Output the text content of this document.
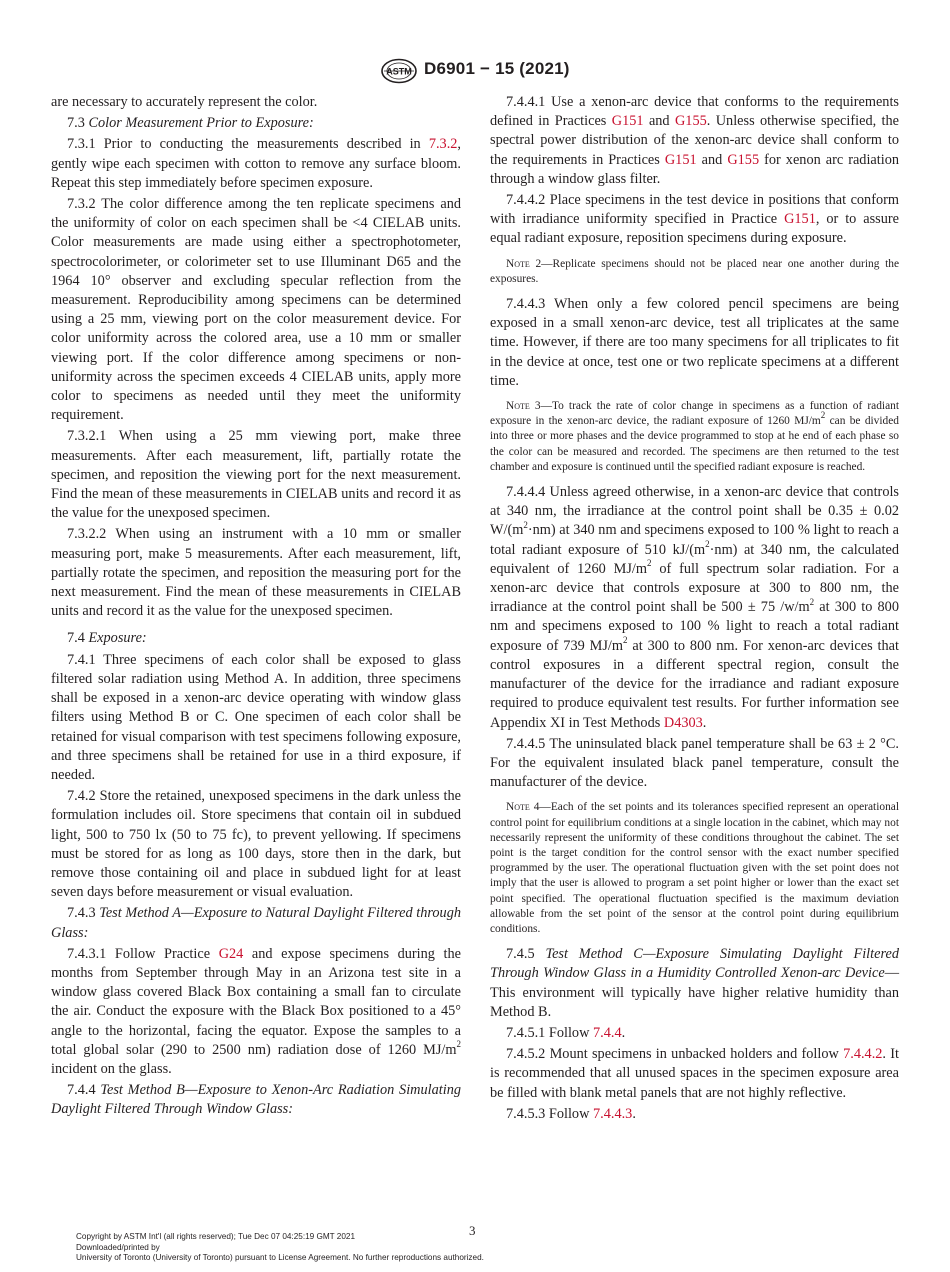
ASTM D6901 − 15 (2021)

are necessary to accurately represent the color.

7.3 Color Measurement Prior to Exposure:

7.3.1 Prior to conducting the measurements described in 7.3.2, gently wipe each specimen with cotton to remove any surface bloom. Repeat this step immediately before specimen exposure.

7.3.2 The color difference among the ten replicate specimens and the uniformity of color on each specimen shall be <4 CIELAB units. Color measurements are made using either a spectrophotometer, spectrocolorimeter, or colorimeter set to use Illuminant D65 and the 1964 10° observer and excluding specular reflection from the measurement. Reproducibility among specimens can be determined using a 25 mm, viewing port on the color measurement device. For color uniformity across the colored area, use a 10 mm or smaller viewing port. If the color difference among specimens or non-uniformity across the specimen exceeds 4 CIELAB units, apply more color to specimens as needed until they meet the uniformity requirement.

7.3.2.1 When using a 25 mm viewing port, make three measurements. After each measurement, lift, partially rotate the specimen, and reposition the viewing port for the next measurement. Find the mean of these measurements in CIELAB units and record it as the value for the unexposed specimen.

7.3.2.2 When using an instrument with a 10 mm or smaller measuring port, make 5 measurements. After each measurement, lift, partially rotate the specimen, and reposition the measuring port for the next measurement. Find the mean of these measurements in CIELAB units and record it as the value for the unexposed specimen.

7.4 Exposure:

7.4.1 Three specimens of each color shall be exposed to glass filtered solar radiation using Method A. In addition, three specimens shall be exposed in a xenon-arc device operating with window glass filters using Method B or C. One specimen of each color shall be retained for visual comparison with test specimens following exposure, and three specimens shall be retained for use in a third exposure, if needed.

7.4.2 Store the retained, unexposed specimens in the dark unless the formulation includes oil. Store specimens that contain oil in subdued light, 500 to 750 lx (50 to 75 fc), to prevent yellowing. If specimens must be stored for as long as 100 days, store then in the dark, but remove those containing oil and place in subdued light for at least seven days before measurement or visual evaluation.

7.4.3 Test Method A—Exposure to Natural Daylight Filtered through Glass:

7.4.3.1 Follow Practice G24 and expose specimens during the months from September through May in an Arizona test site in a window glass covered Black Box containing a small fan to circulate the air. Conduct the exposure with the Black Box positioned to a 45° angle to the horizontal, facing the equator. Expose the samples to a total global solar (290 to 2500 nm) radiation dose of 1260 $MJ/m^2$ incident on the glass.

7.4.4 Test Method B—Exposure to Xenon-Arc Radiation Simulating Daylight Filtered Through Window Glass:

7.4.4.1 Use a xenon-arc device that conforms to the requirements defined in Practices G151 and G155. Unless otherwise specified, the spectral power distribution of the xenon-arc device shall conform to the requirements in Practices G151 and G155 for xenon arc radiation through a window glass filter.

7.4.4.2 Place specimens in the test device in positions that conform with irradiance uniformity specified in Practice G151, or to assure equal radiant exposure, reposition specimens during exposure.

Note 2—Replicate specimens should not be placed near one another during the exposures.

7.4.4.3 When only a few colored pencil specimens are being exposed in a small xenon-arc device, test all triplicates at the same time. However, if there are too many specimens for all triplicates to fit in the device at once, test one or two replicate specimens at a different time.

Note 3—To track the rate of color change in specimens as a function of radiant exposure in the xenon-arc device, the radiant exposure of 1260 $MJ/m^2$ can be divided into three or more phases and the device programmed to stop at he end of each phase so the color can be measured and recorded. The specimens are then returned to the test chamber and exposure is continued until the specified radiant exposure is reached.

7.4.4.4 Unless agreed otherwise, in a xenon-arc device that controls at 340 nm, the irradiance at the control point shall be 0.35 ± 0.02 $W/(m^2\cdot nm)$ at 340 nm and specimens exposed to 100 % light to reach a total radiant exposure of 510 $kJ/(m^2\cdot nm)$ at 340 nm, the calculated equivalent of 1260 $MJ/m^2$ of full spectrum solar radiation. For a xenon-arc device that controls exposure at 300 to 800 nm, the irradiance at the control point shall be 500 ± 75 $/w/m^2$ at 300 to 800 nm and specimens exposed to 100 % light to reach a total radiant exposure of 739 $MJ/m^2$ at 300 to 800 nm. For xenon-arc devices that control exposures in a different spectral region, consult the manufacturer of the device for the irradiance and radiant exposure required to produce equivalent test results. For further information see Appendix XI in Test Methods D4303.

7.4.4.5 The uninsulated black panel temperature shall be 63 ± 2 °C. For the equivalent insulated black panel temperature, consult the manufacturer of the device.

Note 4—Each of the set points and its tolerances specified represent an operational control point for equilibrium conditions at a single location in the cabinet, which may not necessarily represent the uniformity of these conditions throughout the cabinet. The set point is the target condition for the control sensor with the exact number specified programmed by the user. The operational fluctuation given with the set point does not imply that the user is allowed to program a set point higher or lower than the exact set point specified. The operational fluctuation specified is the maximum deviation allowable from the set point of the sensor at the control point during equilibrium conditions.

7.4.5 Test Method C—Exposure Simulating Daylight Filtered Through Window Glass in a Humidity Controlled Xenon-arc Device—This environment will typically have higher relative humidity than Method B.

7.4.5.1 Follow 7.4.4.

7.4.5.2 Mount specimens in unbacked holders and follow 7.4.4.2. It is recommended that all unused spaces in the specimen exposure area be filled with blank metal panels that are not highly reflective.

7.4.5.3 Follow 7.4.4.3.

3
Copyright by ASTM Int'l (all rights reserved); Tue Dec 07 04:25:19 GMT 2021
Downloaded/printed by
University of Toronto (University of Toronto) pursuant to License Agreement. No further reproductions authorized.
